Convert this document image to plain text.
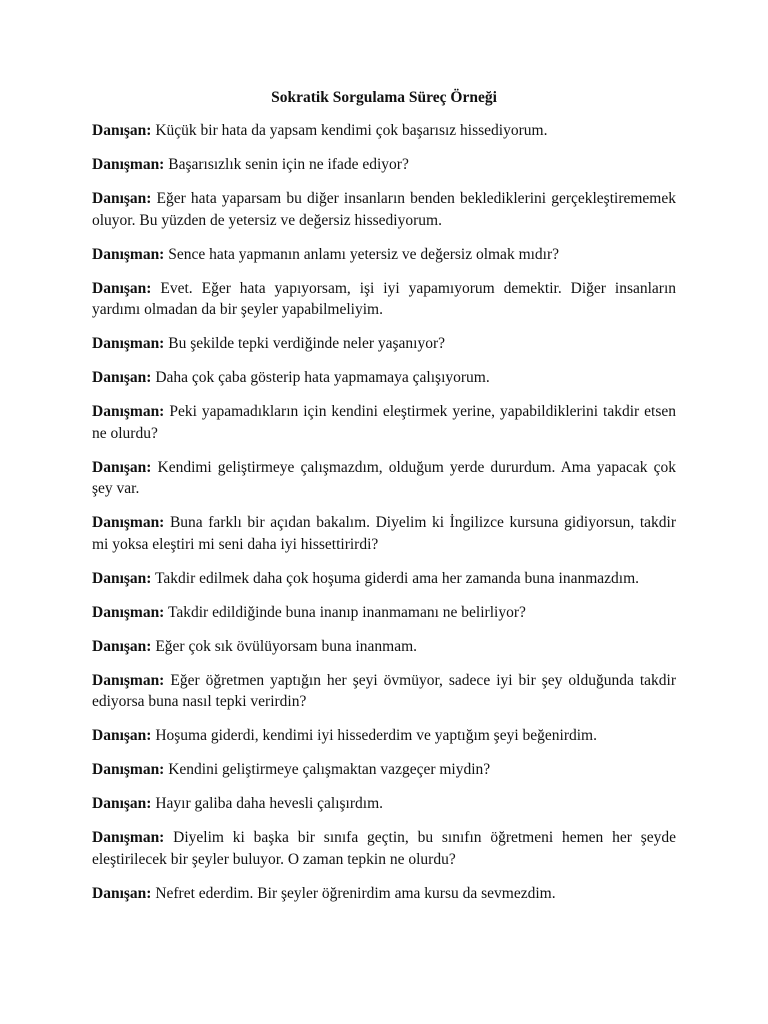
Sokratik Sorgulama Süreç Örneği

Danışan: Küçük bir hata da yapsam kendimi çok başarısız hissediyorum.

Danışman: Başarısızlık senin için ne ifade ediyor?

Danışan: Eğer hata yaparsam bu diğer insanların benden beklediklerini gerçekleştirememek oluyor. Bu yüzden de yetersiz ve değersiz hissediyorum.

Danışman: Sence hata yapmanın anlamı yetersiz ve değersiz olmak mıdır?

Danışan: Evet. Eğer hata yapıyorsam, işi iyi yapamıyorum demektir. Diğer insanların yardımı olmadan da bir şeyler yapabilmeliyim.

Danışman: Bu şekilde tepki verdiğinde neler yaşanıyor?

Danışan: Daha çok çaba gösterip hata yapmamaya çalışıyorum.

Danışman: Peki yapamadıkların için kendini eleştirmek yerine, yapabildiklerini takdir etsen ne olurdu?

Danışan: Kendimi geliştirmeye çalışmazdım, olduğum yerde dururdum. Ama yapacak çok şey var.

Danışman: Buna farklı bir açıdan bakalım. Diyelim ki İngilizce kursuna gidiyorsun, takdir mi yoksa eleştiri mi seni daha iyi hissettirirdi?

Danışan: Takdir edilmek daha çok hoşuma giderdi ama her zamanda buna inanmazdım.

Danışman: Takdir edildiğinde buna inanıp inanmamanı ne belirliyor?

Danışan: Eğer çok sık övülüyorsam buna inanmam.

Danışman: Eğer öğretmen yaptığın her şeyi övmüyor, sadece iyi bir şey olduğunda takdir ediyorsa buna nasıl tepki verirdin?

Danışan: Hoşuma giderdi, kendimi iyi hissederdim ve yaptığım şeyi beğenirdim.

Danışman: Kendini geliştirmeye çalışmaktan vazgeçer miydin?

Danışan: Hayır galiba daha hevesli çalışırdım.

Danışman: Diyelim ki başka bir sınıfa geçtin, bu sınıfın öğretmeni hemen her şeyde eleştirilecek bir şeyler buluyor. O zaman tepkin ne olurdu?

Danışan: Nefret ederdim. Bir şeyler öğrenirdim ama kursu da sevmezdim.
